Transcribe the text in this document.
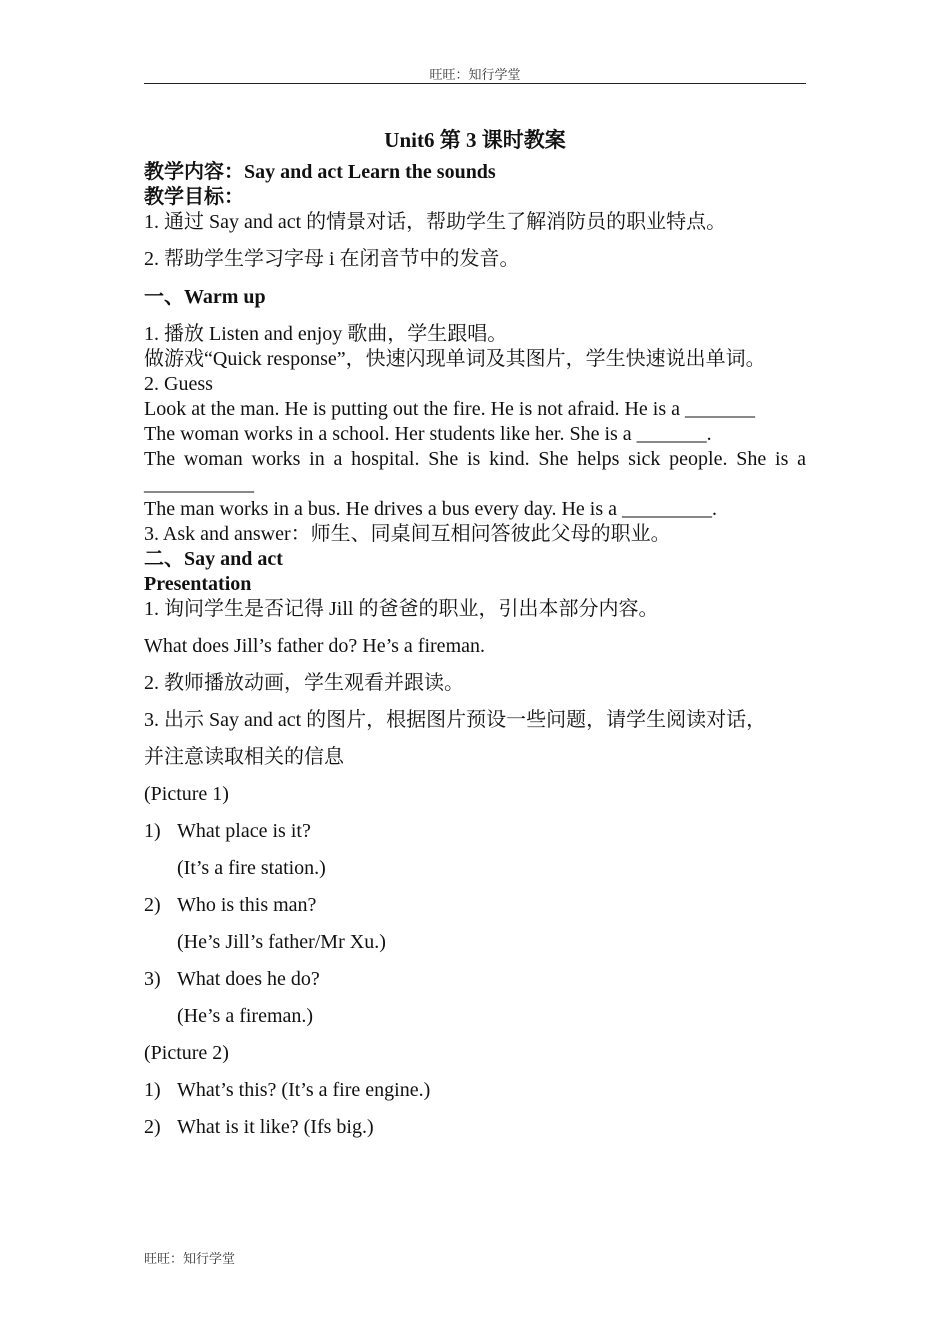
旺旺：知行学堂
Unit6 第 3 课时教案
教学内容：Say and act Learn the sounds
教学目标：
1. 通过 Say and act 的情景对话，帮助学生了解消防员的职业特点。
2. 帮助学生学习字母 i 在闭音节中的发音。
一、Warm up
1. 播放 Listen and enjoy 歌曲，学生跟唱。
做游戏“Quick response”，快速闪现单词及其图片，学生快速说出单词。
2. Guess
Look at the man. He is putting out the fire. He is not afraid. He is a _______
The woman works in a school. Her students like her. She is a _______.
The woman works in a hospital. She is kind. She helps sick people. She is a ___________
The man works in a bus. He drives a bus every day. He is a _________.
3. Ask and answer：师生、同桌间互相问答彼此父母的职业。
二、Say and act
Presentation
1. 询问学生是否记得 Jill 的爸爸的职业，引出本部分内容。
What does Jill’s father do? He’s a fireman.
2. 教师播放动画，学生观看并跟读。
3. 出示 Say and act 的图片，根据图片预设一些问题，请学生阅读对话，
并注意读取相关的信息
(Picture 1)
1) What place is it?
(It’s a fire station.)
2) Who is this man?
(He’s Jill’s father/Mr Xu.)
3) What does he do?
(He’s a fireman.)
(Picture 2)
1) What’s this? (It’s a fire engine.)
2) What is it like? (Ifs big.)
旺旺：知行学堂
